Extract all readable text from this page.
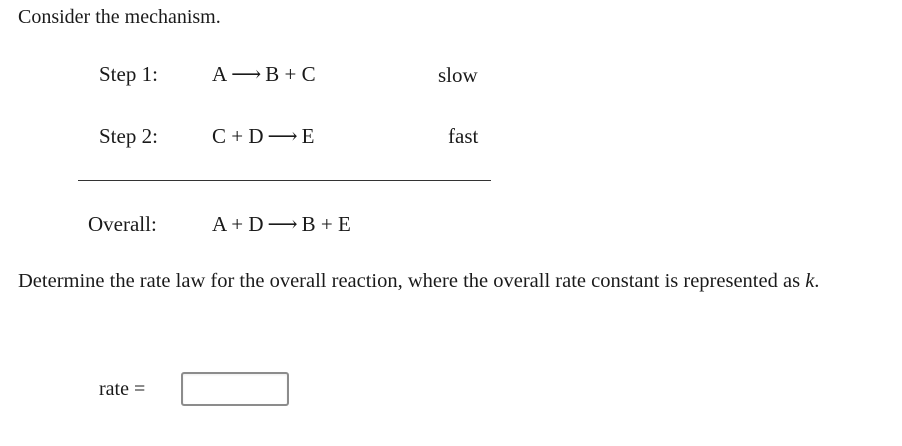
Consider the mechanism.
Step 1:	A ⟶ B + C	slow
Step 2:	C + D ⟶ E	fast
Overall:	A + D ⟶ B + E
Determine the rate law for the overall reaction, where the overall rate constant is represented as k.
rate =
